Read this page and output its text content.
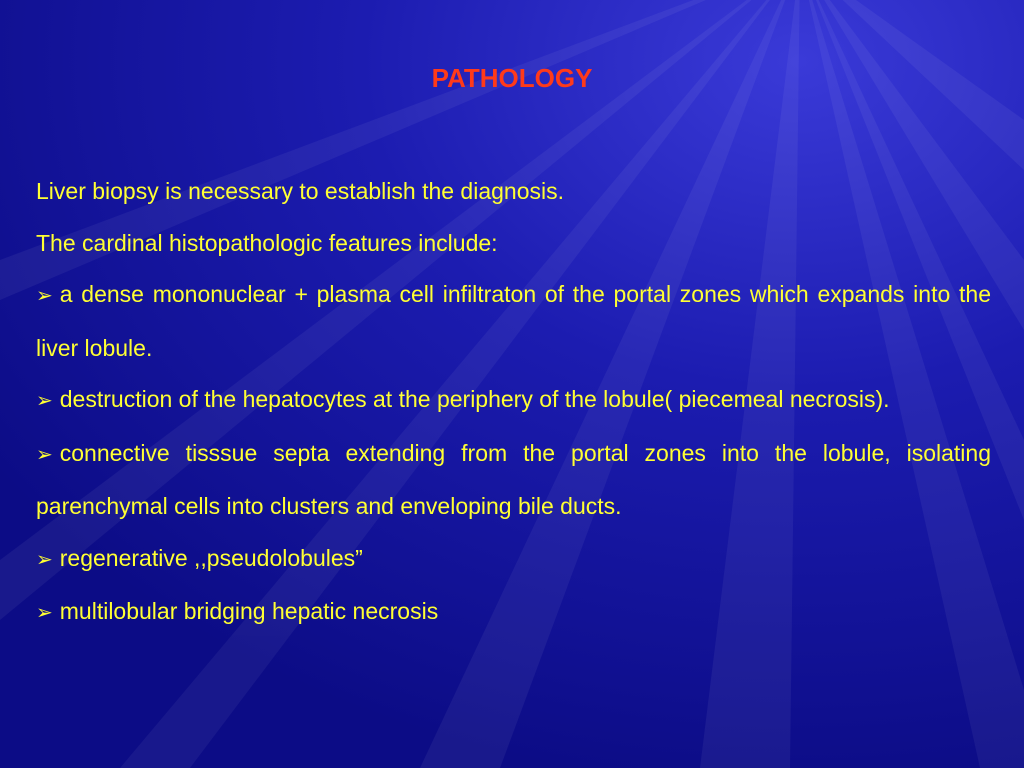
PATHOLOGY

Liver biopsy is necessary to establish the diagnosis.

The cardinal histopathologic features include:

➢ a dense mononuclear + plasma cell infiltraton of the portal zones which expands into the liver lobule.

➢ destruction of the hepatocytes at the periphery of the lobule( piecemeal necrosis).

➢ connective tisssue septa extending from the portal zones into the lobule, isolating parenchymal cells into clusters and enveloping bile ducts.

➢ regenerative ,,pseudolobules”

➢ multilobular bridging hepatic necrosis
